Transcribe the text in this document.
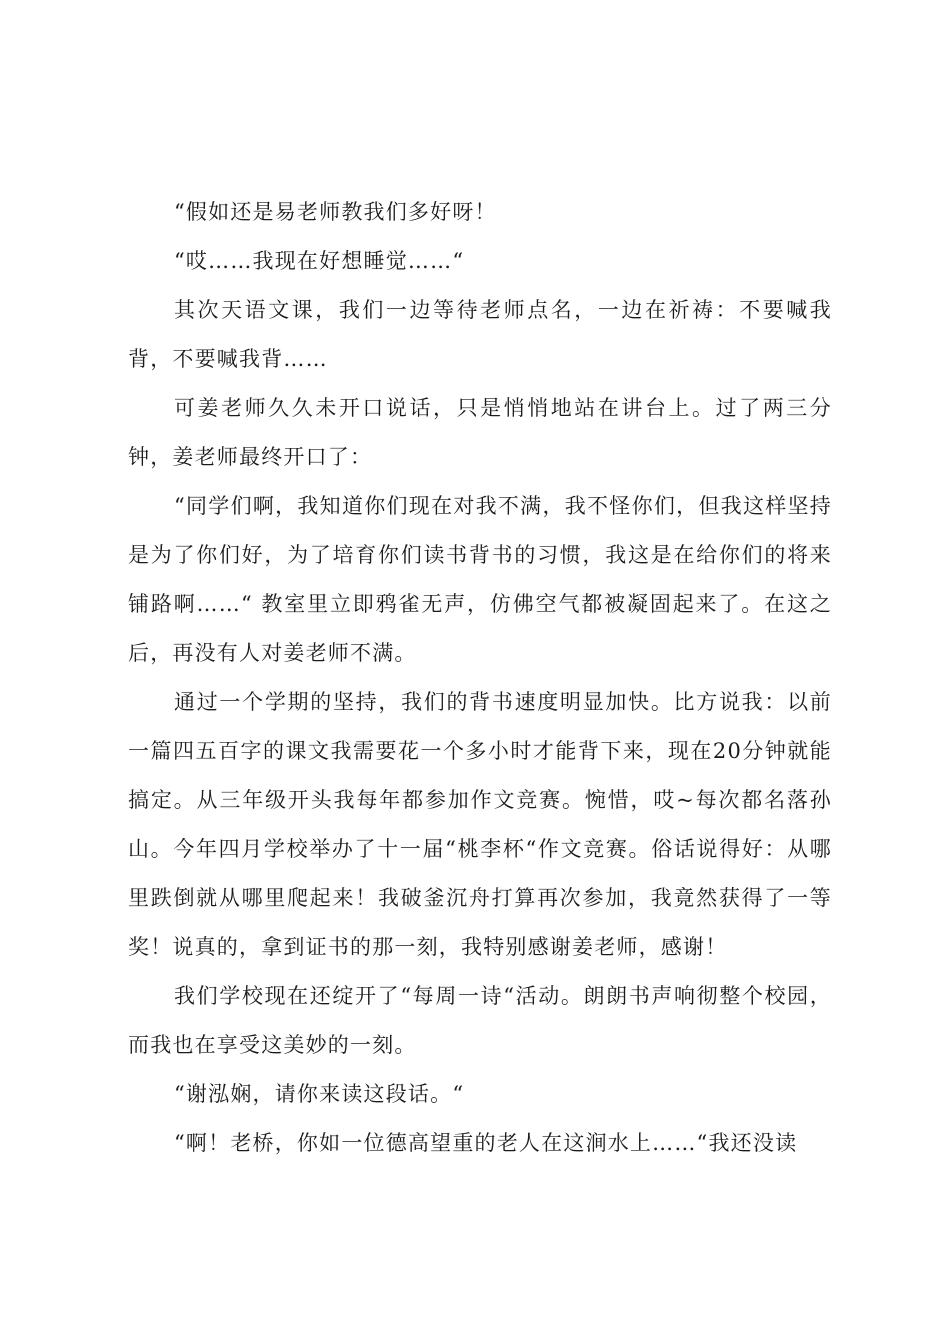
“假如还是易老师教我们多好呀！

“哎……我现在好想睡觉……“

其次天语文课，我们一边等待老师点名，一边在祈祷：不要喊我背，不要喊我背……

可姜老师久久未开口说话，只是悄悄地站在讲台上。过了两三分钟，姜老师最终开口了：

“同学们啊，我知道你们现在对我不满，我不怪你们，但我这样坚持是为了你们好，为了培育你们读书背书的习惯，我这是在给你们的将来铺路啊……“ 教室里立即鸦雀无声，仿佛空气都被凝固起来了。在这之后，再没有人对姜老师不满。

通过一个学期的坚持，我们的背书速度明显加快。比方说我：以前一篇四五百字的课文我需要花一个多小时才能背下来，现在20分钟就能搞定。从三年级开头我每年都参加作文竞赛。惋惜，哎~每次都名落孙山。今年四月学校举办了十一届“桃李杯“作文竞赛。俗话说得好：从哪里跌倒就从哪里爬起来！我破釜沉舟打算再次参加，我竟然获得了一等奖！说真的，拿到证书的那一刻，我特别感谢姜老师，感谢！

我们学校现在还绽开了“每周一诗“活动。朗朗书声响彻整个校园，而我也在享受这美妙的一刻。

“谢泓娴，请你来读这段话。“

“啊！老桥，你如一位德高望重的老人在这涧水上……“我还没读
